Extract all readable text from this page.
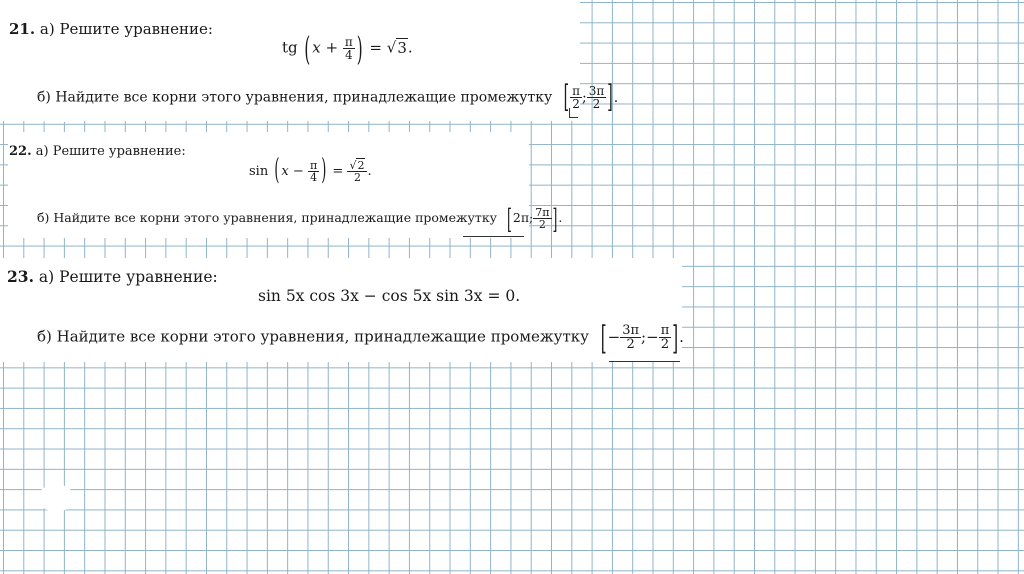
21. а) Решите уравнение:
tg ( $x + \frac{\pi}{4}$ ) = √3.
б) Найдите все корни этого уравнения, принадлежащие промежутку [ $\frac{\pi}{2}$ ; $\frac{3\pi}{2}$ ].
22. а) Решите уравнение:
sin ( $x - \frac{\pi}{4}$ ) = $\frac{√2}{2}$ .
б) Найдите все корни этого уравнения, принадлежащие промежутку [2π; $\frac{7\pi}{2}$ ].
23. а) Решите уравнение:
sin 5x cos 3x − cos 5x sin 3x = 0.
б) Найдите все корни этого уравнения, принадлежащие промежутку [− $\frac{3\pi}{2}$ ;− $\frac{\pi}{2}$ ].
